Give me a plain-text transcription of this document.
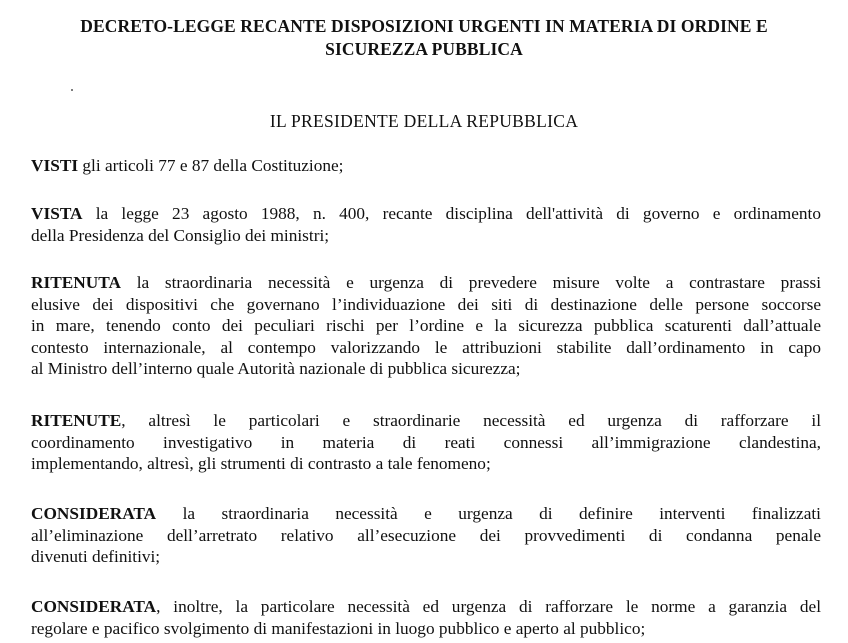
DECRETO-LEGGE RECANTE DISPOSIZIONI URGENTI IN MATERIA DI ORDINE E
SICUREZZA PUBBLICA
IL PRESIDENTE DELLA REPUBBLICA
VISTI gli articoli 77 e 87 della Costituzione;
VISTA la legge 23 agosto 1988, n. 400, recante disciplina dell'attività di governo e ordinamento
della Presidenza del Consiglio dei ministri;
RITENUTA la straordinaria necessità e urgenza di prevedere misure volte a contrastare prassi
elusive dei dispositivi che governano l’individuazione dei siti di destinazione delle persone soccorse
in mare, tenendo conto dei peculiari rischi per l’ordine e la sicurezza pubblica scaturenti dall’attuale
contesto internazionale, al contempo valorizzando le attribuzioni stabilite dall’ordinamento in capo
al Ministro dell’interno quale Autorità nazionale di pubblica sicurezza;
RITENUTE, altresì le particolari e straordinarie necessità ed urgenza di rafforzare il
coordinamento investigativo in materia di reati connessi all’immigrazione clandestina,
implementando, altresì, gli strumenti di contrasto a tale fenomeno;
CONSIDERATA la straordinaria necessità e urgenza di definire interventi finalizzati
all’eliminazione dell’arretrato relativo all’esecuzione dei provvedimenti di condanna penale
divenuti definitivi;
CONSIDERATA, inoltre, la particolare necessità ed urgenza di rafforzare le norme a garanzia del
regolare e pacifico svolgimento di manifestazioni in luogo pubblico e aperto al pubblico;
